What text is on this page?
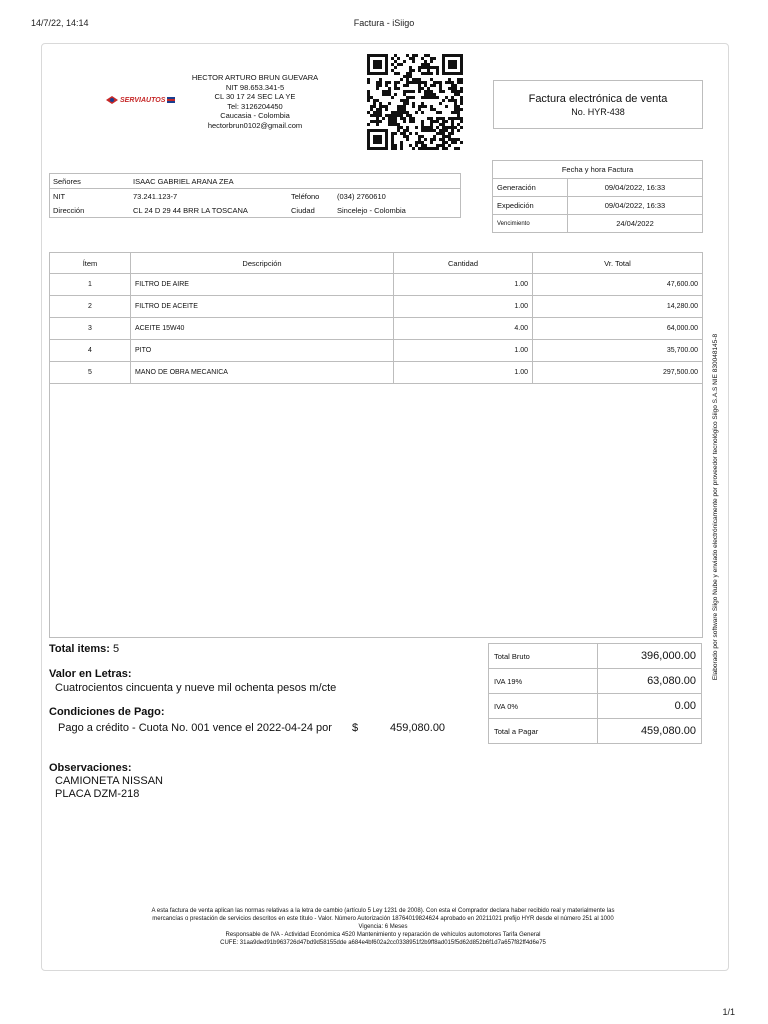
14/7/22, 14:14	Factura - iSiigo
1/1
SERVIAUTOS
HECTOR ARTURO BRUN GUEVARA
NIT 98.653.341-5
CL 30 17 24 SEC LA YE
Tel: 3126204450
Caucasia - Colombia
hectorbrun0102@gmail.com
Factura electrónica de venta
No. HYR-438
Señores	ISAAC GABRIEL ARANA ZEA		
NIT	73.241.123-7	Teléfono	(034) 2760610
Dirección	CL 24 D 29 44 BRR LA TOSCANA	Ciudad	Sincelejo - Colombia
Fecha y hora Factura	
Generación	09/04/2022, 16:33
Expedición	09/04/2022, 16:33
Vencimiento	24/04/2022
Ítem	Descripción	Cantidad	Vr. Total
1	FILTRO DE AIRE	1.00	47,600.00
2	FILTRO DE ACEITE	1.00	14,280.00
3	ACEITE 15W40	4.00	64,000.00
4	PITO	1.00	35,700.00
5	MANO DE OBRA MECANICA	1.00	297,500.00 Elaborado por software Siigo Nube y enviado electrónicamente por proveedor tecnológico Siigo S.A.S NIE 830048145-8
Total items: 5
Valor en Letras:
Cuatrocientos cincuenta y nueve mil ochenta pesos m/cte
Condiciones de Pago:
Pago a crédito - Cuota No. 001 vence el 2022-04-24 por $	459,080.00
Total Bruto	396,000.00
IVA 19%	63,080.00
IVA 0%	0.00
Total a Pagar	459,080.00
Observaciones:
CAMIONETA NISSAN
PLACA DZM-218
A esta factura de venta aplican las normas relativas a la letra de cambio (artículo 5 Ley 1231 de 2008). Con esta el Comprador declara haber recibido real y materialmente las
mercancías o prestación de servicios descritos en este título - Valor. Número Autorización 18764019824624 aprobado en 20211021 prefijo HYR desde el número 251 al 1000
Vigencia: 6 Meses
Responsable de IVA - Actividad Económica 4520 Mantenimiento y reparación de vehículos automotores Tarifa General
CUFE: 31aa9ded91b963726d47bd9d58155dde a684e4bf602a2cc0338951f2b9ff8ad015f5d62d852b6f1d7a657f82ff4d6e75
